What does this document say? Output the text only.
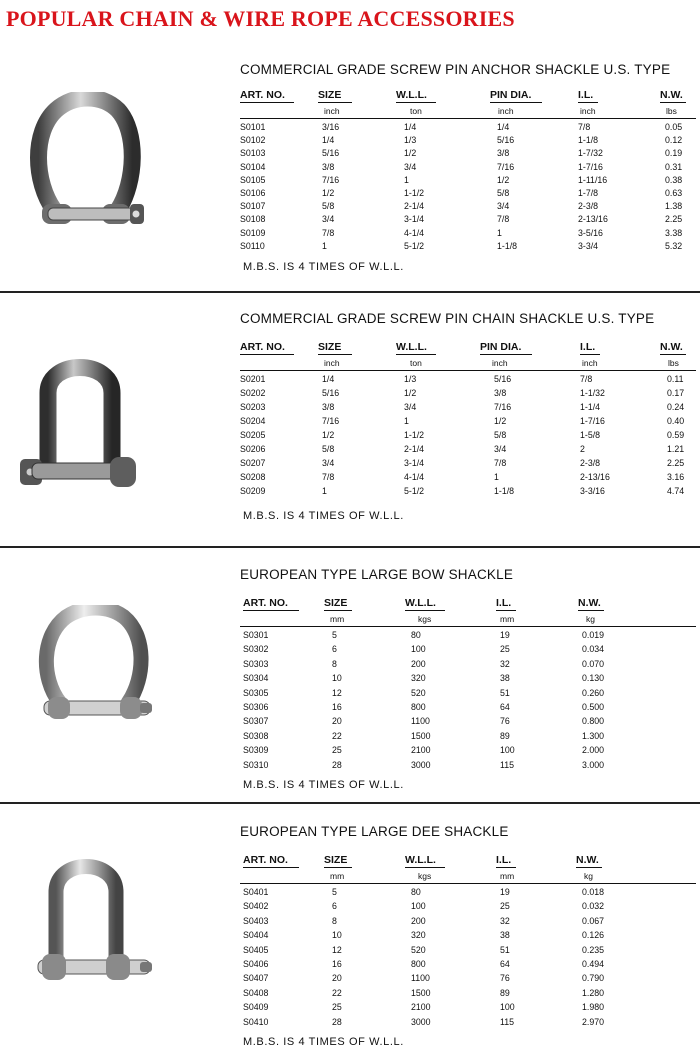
POPULAR CHAIN & WIRE ROPE ACCESSORIES
COMMERCIAL GRADE SCREW PIN ANCHOR SHACKLE U.S. TYPE
ART. NO.	SIZE	W.L.L.	PIN DIA.	I.L.	N.W.
inch	ton	inch	inch	lbs
S0101	3/16	1/4	1/4	7/8	0.05
S0102	1/4	1/3	5/16	1-1/8	0.12
S0103	5/16	1/2	3/8	1-7/32	0.19
S0104	3/8	3/4	7/16	1-7/16	0.31
S0105	7/16	1	1/2	1-11/16	0.38
S0106	1/2	1-1/2	5/8	1-7/8	0.63
S0107	5/8	2-1/4	3/4	2-3/8	1.38
S0108	3/4	3-1/4	7/8	2-13/16	2.25
S0109	7/8	4-1/4	1	3-5/16	3.38
S0110	1	5-1/2	1-1/8	3-3/4	5.32
M.B.S. IS 4 TIMES OF W.L.L.
COMMERCIAL GRADE SCREW PIN CHAIN SHACKLE U.S. TYPE
ART. NO.	SIZE	W.L.L.	PIN DIA.	I.L.	N.W.
inch	ton	inch	inch	lbs
S0201	1/4	1/3	5/16	7/8	0.11
S0202	5/16	1/2	3/8	1-1/32	0.17
S0203	3/8	3/4	7/16	1-1/4	0.24
S0204	7/16	1	1/2	1-7/16	0.40
S0205	1/2	1-1/2	5/8	1-5/8	0.59
S0206	5/8	2-1/4	3/4	2	1.21
S0207	3/4	3-1/4	7/8	2-3/8	2.25
S0208	7/8	4-1/4	1	2-13/16	3.16
S0209	1	5-1/2	1-1/8	3-3/16	4.74
M.B.S. IS 4 TIMES OF W.L.L.
EUROPEAN TYPE LARGE BOW SHACKLE
ART. NO.	SIZE	W.L.L.	I.L.	N.W.
mm	kgs	mm	kg
S0301	5	80	19	0.019
S0302	6	100	25	0.034
S0303	8	200	32	0.070
S0304	10	320	38	0.130
S0305	12	520	51	0.260
S0306	16	800	64	0.500
S0307	20	1100	76	0.800
S0308	22	1500	89	1.300
S0309	25	2100	100	2.000
S0310	28	3000	115	3.000
M.B.S. IS 4 TIMES OF W.L.L.
EUROPEAN TYPE LARGE DEE SHACKLE
ART. NO.	SIZE	W.L.L.	I.L.	N.W.
mm	kgs	mm	kg
S0401	5	80	19	0.018
S0402	6	100	25	0.032
S0403	8	200	32	0.067
S0404	10	320	38	0.126
S0405	12	520	51	0.235
S0406	16	800	64	0.494
S0407	20	1100	76	0.790
S0408	22	1500	89	1.280
S0409	25	2100	100	1.980
S0410	28	3000	115	2.970
M.B.S. IS 4 TIMES OF W.L.L.
